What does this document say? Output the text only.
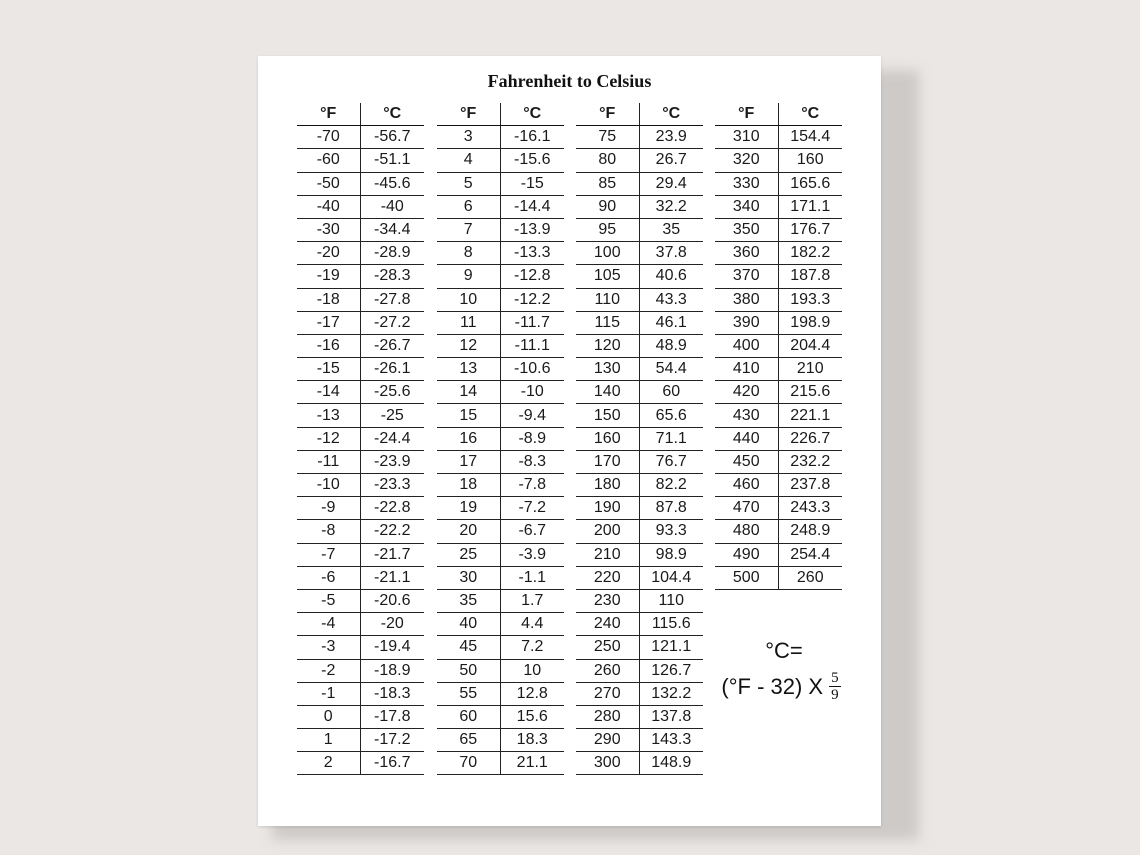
Fahrenheit to Celsius
°F	°C
-70	-56.7
-60	-51.1
-50	-45.6
-40	-40
-30	-34.4
-20	-28.9
-19	-28.3
-18	-27.8
-17	-27.2
-16	-26.7
-15	-26.1
-14	-25.6
-13	-25
-12	-24.4
-11	-23.9
-10	-23.3
-9	-22.8
-8	-22.2
-7	-21.7
-6	-21.1
-5	-20.6
-4	-20
-3	-19.4
-2	-18.9
-1	-18.3
0	-17.8
1	-17.2
2	-16.7
°F	°C
3	-16.1
4	-15.6
5	-15
6	-14.4
7	-13.9
8	-13.3
9	-12.8
10	-12.2
11	-11.7
12	-11.1
13	-10.6
14	-10
15	-9.4
16	-8.9
17	-8.3
18	-7.8
19	-7.2
20	-6.7
25	-3.9
30	-1.1
35	1.7
40	4.4
45	7.2
50	10
55	12.8
60	15.6
65	18.3
70	21.1
°F	°C
75	23.9
80	26.7
85	29.4
90	32.2
95	35
100	37.8
105	40.6
110	43.3
115	46.1
120	48.9
130	54.4
140	60
150	65.6
160	71.1
170	76.7
180	82.2
190	87.8
200	93.3
210	98.9
220	104.4
230	110
240	115.6
250	121.1
260	126.7
270	132.2
280	137.8
290	143.3
300	148.9
°F	°C
310	154.4
320	160
330	165.6
340	171.1
350	176.7
360	182.2
370	187.8
380	193.3
390	198.9
400	204.4
410	210
420	215.6
430	221.1
440	226.7
450	232.2
460	237.8
470	243.3
480	248.9
490	254.4
500	260
°C=
(°F - 32) X $\frac{5}{9}$
